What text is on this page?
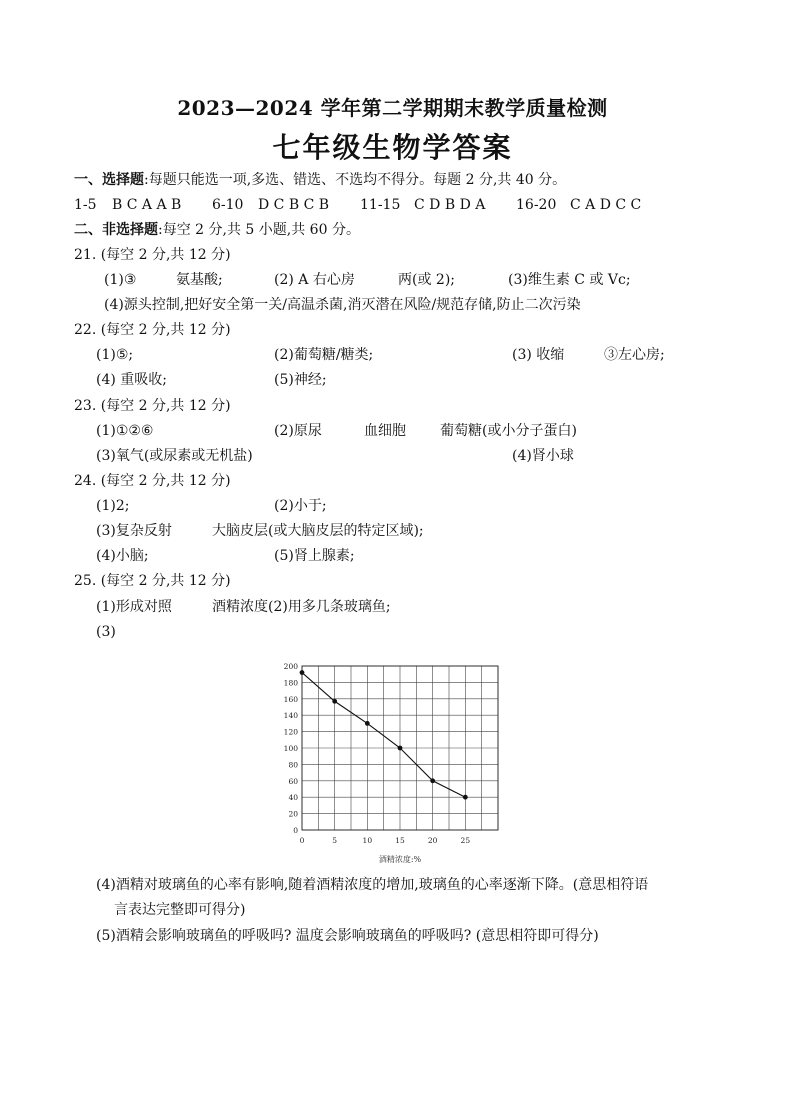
2023—2024 学年第二学期期末教学质量检测
七年级生物学答案
一、选择题:每题只能选一项,多选、错选、不选均不得分。每题 2 分,共 40 分。
1-5 B C A A B 6-10 D C B C B 11-15 C D B D A 16-20 C A D C C
二、非选择题:每空 2 分,共 5 小题,共 60 分。
21. (每空 2 分,共 12 分)
(1)③	氨基酸;	(2) A 右心房	两(或 2);	(3)维生素 C 或 Vc;
(4)源头控制,把好安全第一关/高温杀菌,消灭潜在风险/规范存储,防止二次污染
22. (每空 2 分,共 12 分)
(1)⑤;	(2)葡萄糖/糖类;	(3) 收缩	③左心房;
(4) 重吸收;	(5)神经;
23. (每空 2 分,共 12 分)
(1)①②⑥	(2)原尿	血细胞 葡萄糖(或小分子蛋白)
(3)氧气(或尿素或无机盐)	(4)肾小球
24. (每空 2 分,共 12 分)
(1)2;	(2)小于;
(3)复杂反射	大脑皮层(或大脑皮层的特定区域);
(4)小脑;	(5)肾上腺素;
25. (每空 2 分,共 12 分)
(1)形成对照	酒精浓度(2)用多几条玻璃鱼;
(3)
0
20
40
60
80
100
120
140
160
180
200
0	5	10	15	20	25
酒精浓度:%
(4)酒精对玻璃鱼的心率有影响,随着酒精浓度的增加,玻璃鱼的心率逐渐下降。(意思相符语
言表达完整即可得分)
(5)酒精会影响玻璃鱼的呼吸吗? 温度会影响玻璃鱼的呼吸吗? (意思相符即可得分)
